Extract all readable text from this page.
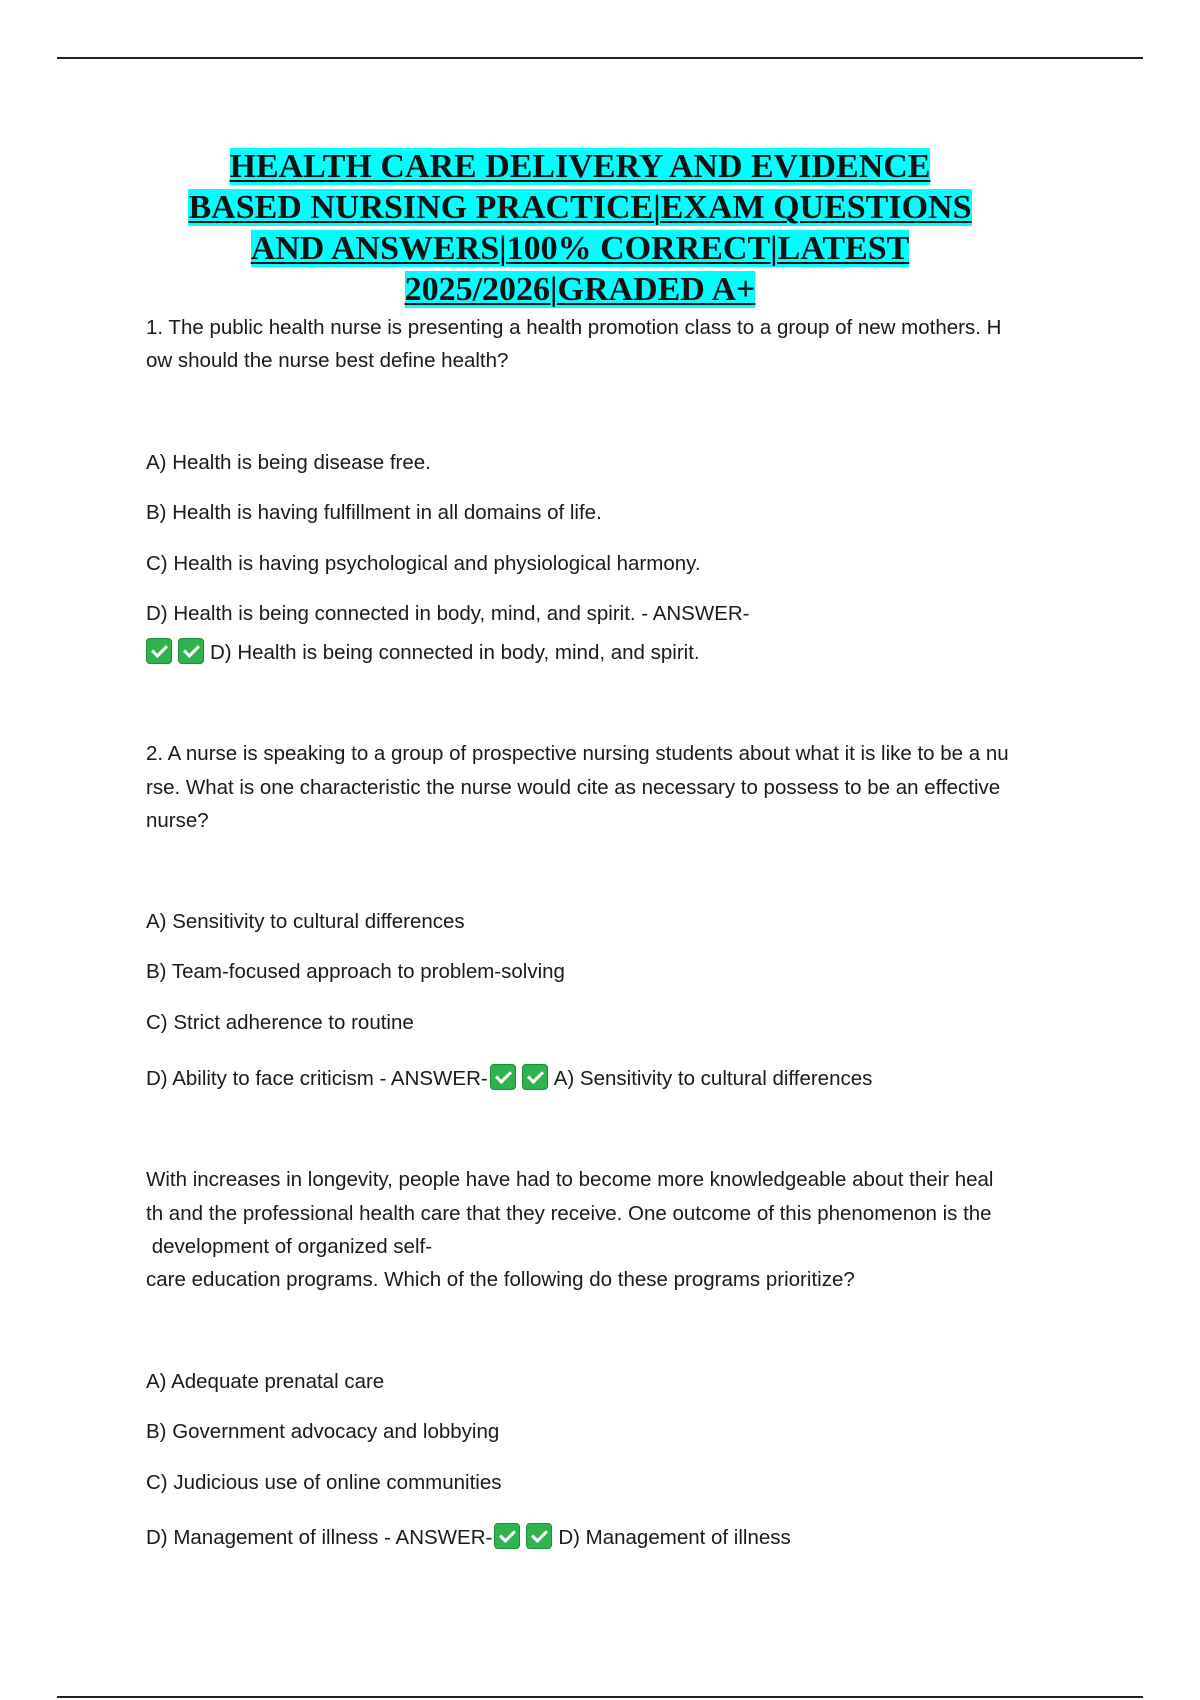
HEALTH CARE DELIVERY AND EVIDENCE
BASED NURSING PRACTICE|EXAM QUESTIONS
AND ANSWERS|100% CORRECT|LATEST
2025/2026|GRADED A+
1. The public health nurse is presenting a health promotion class to a group of new mothers. H
ow should the nurse best define health?
A) Health is being disease free.
B) Health is having fulfillment in all domains of life.
C) Health is having psychological and physiological harmony.
D) Health is being connected in body, mind, and spirit. - ANSWER-
D) Health is being connected in body, mind, and spirit.
2. A nurse is speaking to a group of prospective nursing students about what it is like to be a nu
rse. What is one characteristic the nurse would cite as necessary to possess to be an effective
nurse?
A) Sensitivity to cultural differences
B) Team-focused approach to problem-solving
C) Strict adherence to routine
D) Ability to face criticism - ANSWER-	A) Sensitivity to cultural differences
With increases in longevity, people have had to become more knowledgeable about their heal
th and the professional health care that they receive. One outcome of this phenomenon is the
development of organized self-
care education programs. Which of the following do these programs prioritize?
A) Adequate prenatal care
B) Government advocacy and lobbying
C) Judicious use of online communities
D) Management of illness - ANSWER-	D) Management of illness
